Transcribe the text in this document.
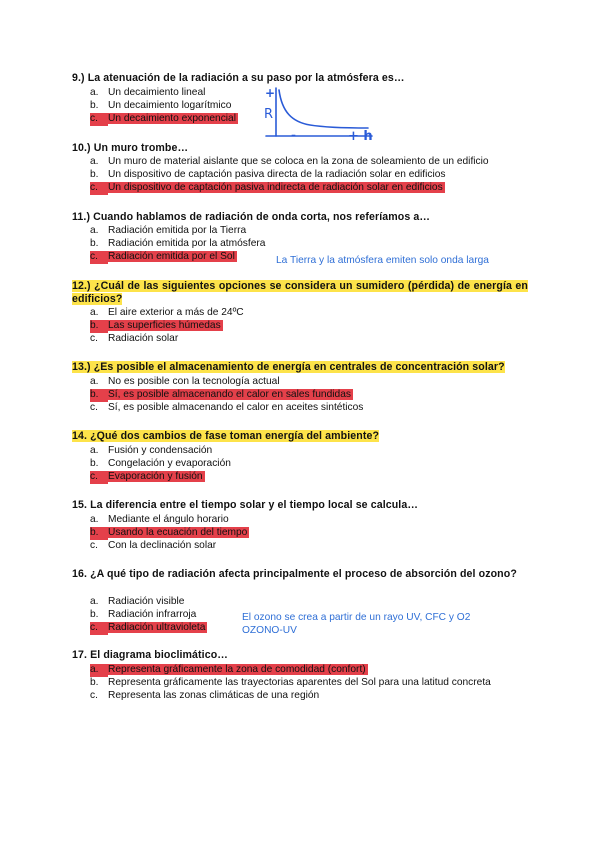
9.) La atenuación de la radiación a su paso por la atmósfera es…
a. Un decaimiento lineal
b. Un decaimiento logarítmico
c. Un decaimiento exponencial
+
R
-	+ h
10.) Un muro trombe…
a. Un muro de material aislante que se coloca en la zona de soleamiento de un edificio
b. Un dispositivo de captación pasiva directa de la radiación solar en edificios
c. Un dispositivo de captación pasiva indirecta de radiación solar en edificios
11.) Cuando hablamos de radiación de onda corta, nos referíamos a…
a. Radiación emitida por la Tierra
b. Radiación emitida por la atmósfera
c. Radiación emitida por el Sol	La Tierra y la atmósfera emiten solo onda larga
12.) ¿Cuál de las siguientes opciones se considera un sumidero (pérdida) de energía en edificios?
a. El aire exterior a más de 24ºC
b. Las superficies húmedas
c. Radiación solar
13.) ¿Es posible el almacenamiento de energía en centrales de concentración solar?
a. No es posible con la tecnología actual
b. Sí, es posible almacenando el calor en sales fundidas
c. Sí, es posible almacenando el calor en aceites sintéticos
14. ¿Qué dos cambios de fase toman energía del ambiente?
a. Fusión y condensación
b. Congelación y evaporación
c. Evaporación y fusión
15. La diferencia entre el tiempo solar y el tiempo local se calcula…
a. Mediante el ángulo horario
b. Usando la ecuación del tiempo
c. Con la declinación solar
16. ¿A qué tipo de radiación afecta principalmente el proceso de absorción del ozono?
a. Radiación visible
b. Radiación infrarroja
c. Radiación ultravioleta
El ozono se crea a partir de un rayo UV, CFC y O2
OZONO-UV
17. El diagrama bioclimático…
a. Representa gráficamente la zona de comodidad (confort)
b. Representa gráficamente las trayectorias aparentes del Sol para una latitud concreta
c. Representa las zonas climáticas de una región
